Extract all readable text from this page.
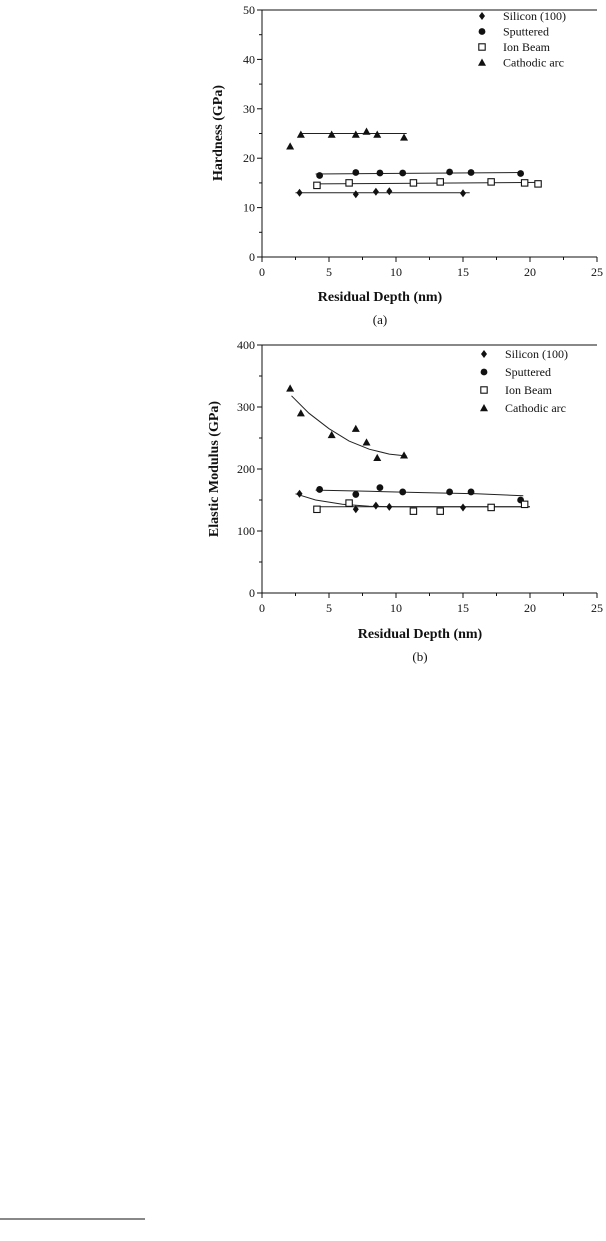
0	5	10	15	20	25
0
10
20
30
40
50	Silicon (100)
Sputtered
Ion Beam
Cathodic arc
Residual Depth (nm)
Hardness (GPa)
(a)
0	5	10	15	20	25
0
100
200
300
400
Silicon (100)
Sputtered
Ion Beam
Cathodic arc
Residual Depth (nm)
Elastic Modulus (GPa)
(b)
